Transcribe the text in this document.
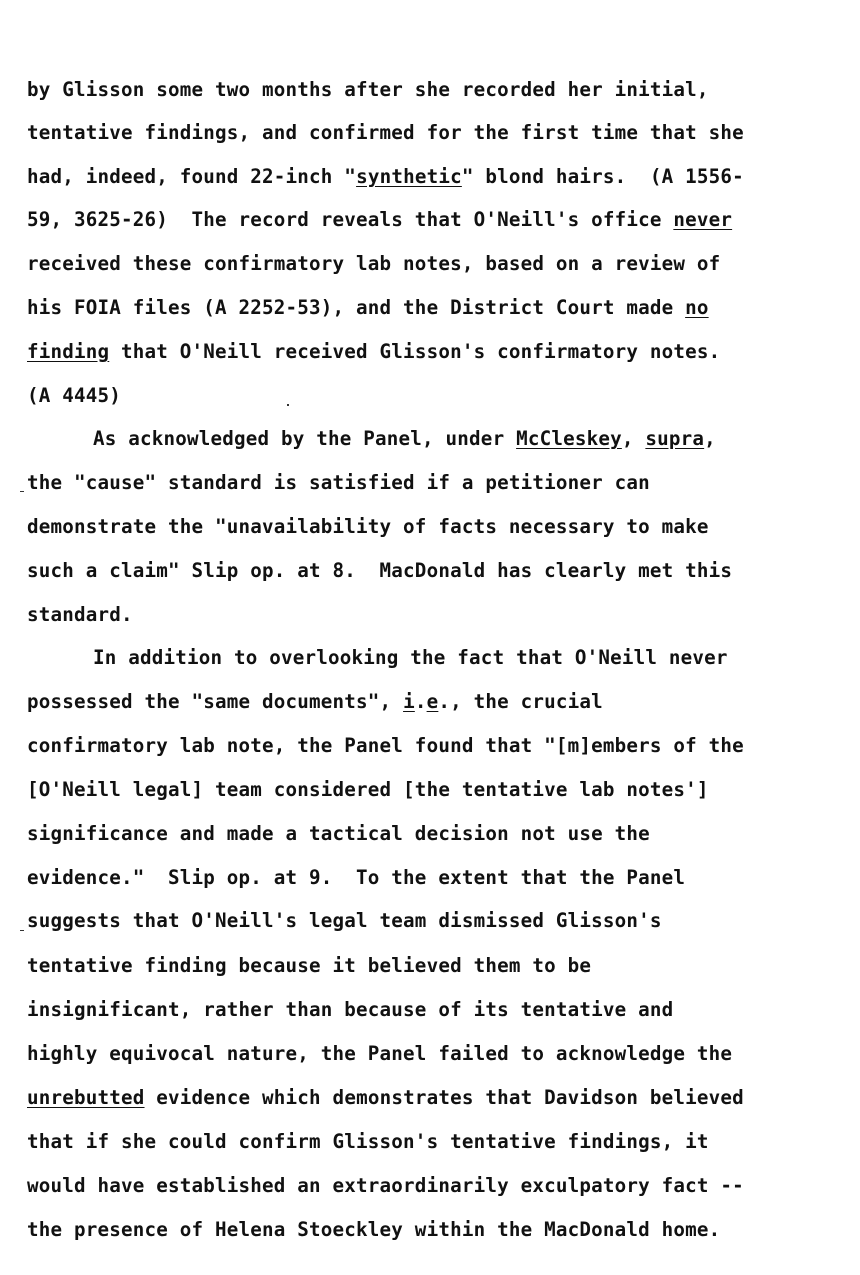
by Glisson some two months after she recorded her initial,
tentative findings, and confirmed for the first time that she
had, indeed, found 22-inch "synthetic" blond hairs.  (A 1556-
59, 3625-26)  The record reveals that O'Neill's office never
received these confirmatory lab notes, based on a review of
his FOIA files (A 2252-53), and the District Court made no
finding that O'Neill received Glisson's confirmatory notes.
(A 4445)
As acknowledged by the Panel, under McCleskey, supra,
the "cause" standard is satisfied if a petitioner can
demonstrate the "unavailability of facts necessary to make
such a claim" Slip op. at 8.  MacDonald has clearly met this
standard.
In addition to overlooking the fact that O'Neill never
possessed the "same documents", i.e., the crucial
confirmatory lab note, the Panel found that "[m]embers of the
[O'Neill legal] team considered [the tentative lab notes']
significance and made a tactical decision not use the
evidence."  Slip op. at 9.  To the extent that the Panel
suggests that O'Neill's legal team dismissed Glisson's
tentative finding because it believed them to be
insignificant, rather than because of its tentative and
highly equivocal nature, the Panel failed to acknowledge the
unrebutted evidence which demonstrates that Davidson believed
that if she could confirm Glisson's tentative findings, it
would have established an extraordinarily exculpatory fact --
the presence of Helena Stoeckley within the MacDonald home.
